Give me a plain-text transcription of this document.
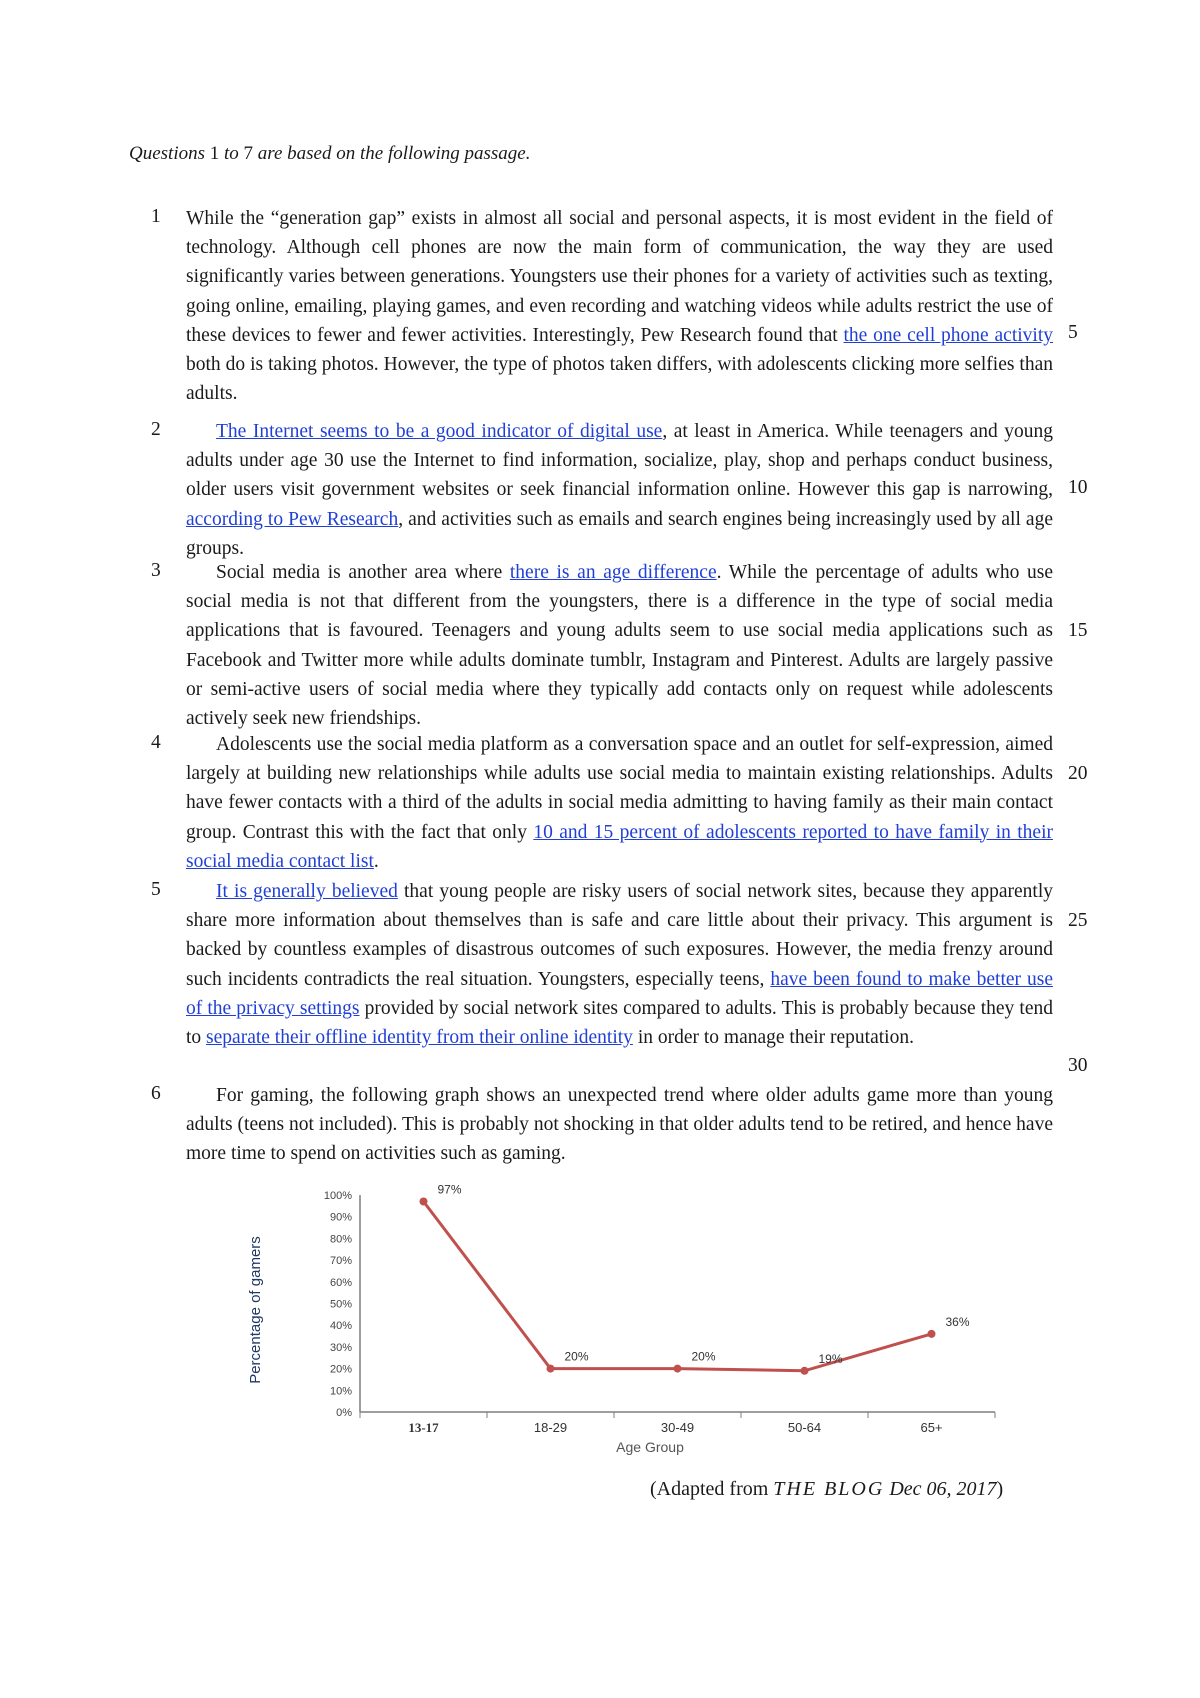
Questions 1 to 7 are based on the following passage.
1
2
3
4
5
6
While the “generation gap” exists in almost all social and personal aspects, it is most evident in the field of technology. Although cell phones are now the main form of communication, the way they are used significantly varies between generations. Youngsters use their phones for a variety of activities such as texting, going online, emailing, playing games, and even recording and watching videos while adults restrict the use of these devices to fewer and fewer activities. Interestingly, Pew Research found that the one cell phone activity both do is taking photos. However, the type of photos taken differs, with adolescents clicking more selfies than adults.
The Internet seems to be a good indicator of digital use, at least in America. While teenagers and young adults under age 30 use the Internet to find information, socialize, play, shop and perhaps conduct business, older users visit government websites or seek financial information online. However this gap is narrowing, according to Pew Research, and activities such as emails and search engines being increasingly used by all age groups.
Social media is another area where there is an age difference. While the percentage of adults who use social media is not that different from the youngsters, there is a difference in the type of social media applications that is favoured. Teenagers and young adults seem to use social media applications such as Facebook and Twitter more while adults dominate tumblr, Instagram and Pinterest. Adults are largely passive or semi-active users of social media where they typically add contacts only on request while adolescents actively seek new friendships.
Adolescents use the social media platform as a conversation space and an outlet for self-expression, aimed largely at building new relationships while adults use social media to maintain existing relationships. Adults have fewer contacts with a third of the adults in social media admitting to having family as their main contact group. Contrast this with the fact that only 10 and 15 percent of adolescents reported to have family in their social media contact list.
It is generally believed that young people are risky users of social network sites, because they apparently share more information about themselves than is safe and care little about their privacy. This argument is backed by countless examples of disastrous outcomes of such exposures. However, the media frenzy around such incidents contradicts the real situation. Youngsters, especially teens, have been found to make better use of the privacy settings provided by social network sites compared to adults. This is probably because they tend to separate their offline identity from their online identity in order to manage their reputation.
For gaming, the following graph shows an unexpected trend where older adults game more than young adults (teens not included). This is probably not shocking in that older adults tend to be retired, and hence have more time to spend on activities such as gaming.
5
10
15
20
25
30
0%
10%
20%
30%
40%
50%
60%
70%
80%
90%
100%
Percentage of gamers
13-17	18-29	30-49	50-64	65+
97%
20%	20%	19%
36%
Age Group
(Adapted from THE BLOG Dec 06, 2017)
